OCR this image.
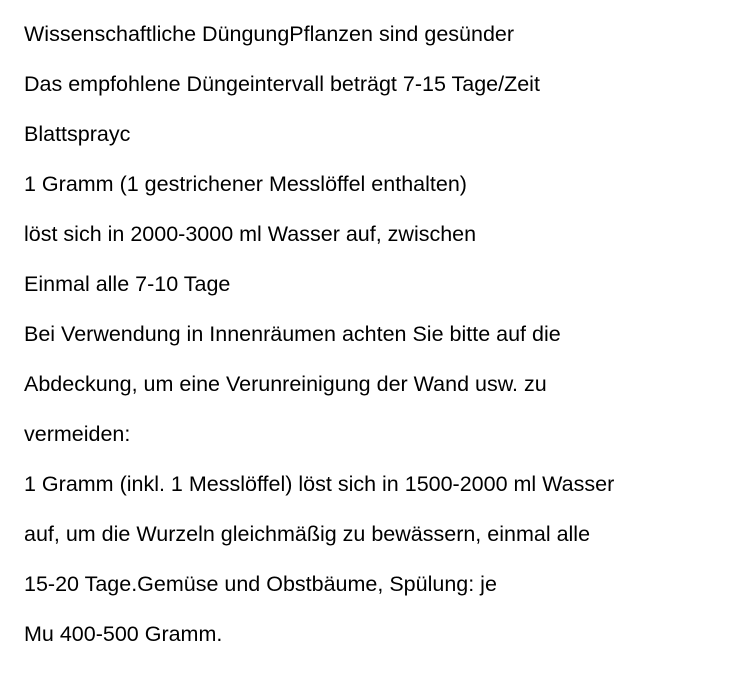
Wissenschaftliche DüngungPflanzen sind gesünder
Das empfohlene Düngeintervall beträgt 7-15 Tage/Zeit
Blattsprayc
1 Gramm (1 gestrichener Messlöffel enthalten)
löst sich in 2000-3000 ml Wasser auf, zwischen
Einmal alle 7-10 Tage
Bei Verwendung in Innenräumen achten Sie bitte auf die
Abdeckung, um eine Verunreinigung der Wand usw. zu
vermeiden:
1 Gramm (inkl. 1 Messlöffel) löst sich in 1500-2000 ml Wasser
auf, um die Wurzeln gleichmäßig zu bewässern, einmal alle
15-20 Tage.Gemüse und Obstbäume, Spülung: je
Mu 400-500 Gramm.
